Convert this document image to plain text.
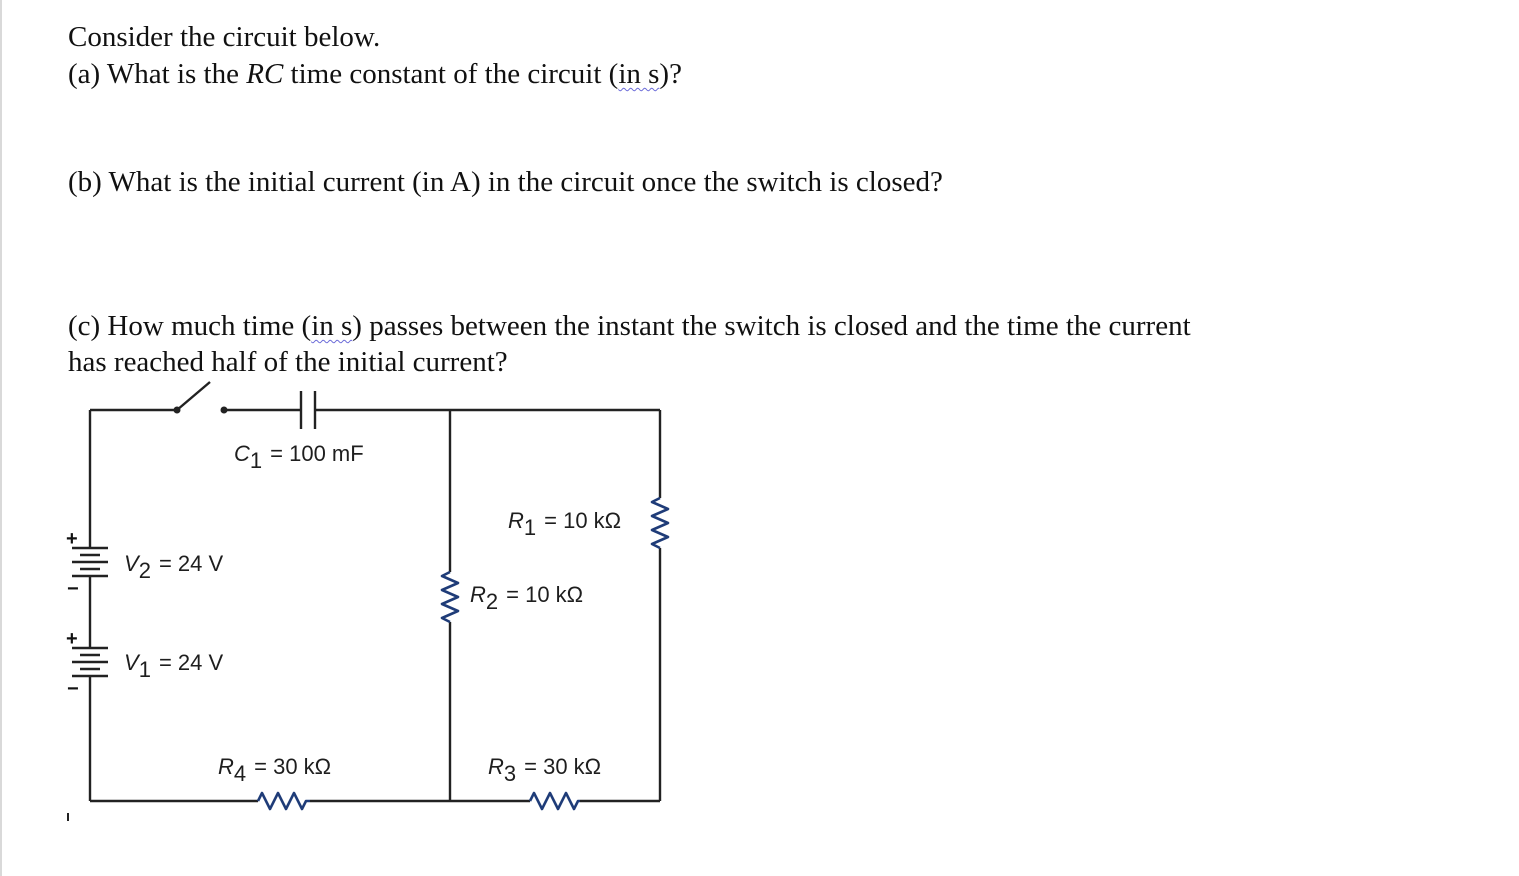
Consider the circuit below.

(a) What is the RC time constant of the circuit (in s)?

(b) What is the initial current (in A) in the circuit once the switch is closed?

(c) How much time (in s) passes between the instant the switch is closed and the time the current

has reached half of the initial current?

+
−
+
−
C1 = 100 mF
R1 = 10 kΩ
V2 = 24 V
R2 = 10 kΩ
V1 = 24 V
R4 = 30 kΩ	R3 = 30 kΩ
